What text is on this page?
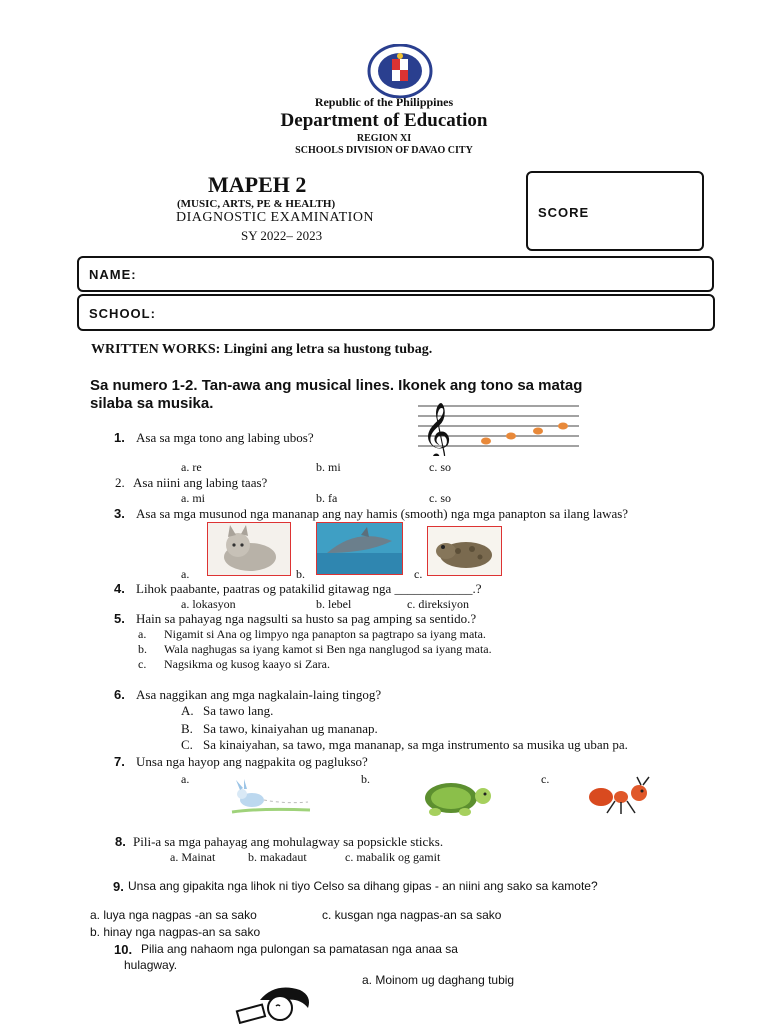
Republic of the Philippines
Department of Education
REGION XI
SCHOOLS DIVISION OF DAVAO CITY
MAPEH 2
(MUSIC, ARTS, PE & HEALTH)
DIAGNOSTIC EXAMINATION
SY 2022– 2023
SCORE
NAME:
SCHOOL:
WRITTEN WORKS: Lingini ang letra sa hustong tubag.
Sa numero 1-2. Tan-awa ang musical lines. Ikonek ang tono sa matag
silaba sa musika.	𝄞
1. Asa sa mga tono ang labing ubos?
a. re	b. mi	c. so
2. Asa niini ang labing taas?
a. mi	b. fa	c. so
3. Asa sa mga musunod nga mananap ang nay hamis (smooth) nga mga panapton sa ilang lawas?
a.	b.	c.
4. Lihok paabante, paatras og patakilid gitawag nga ____________.?
a. lokasyon	b. lebel	c. direksiyon
5. Hain sa pahayag nga nagsulti sa husto sa pag amping sa sentido.?
a. Nigamit si Ana og limpyo nga panapton sa pagtrapo sa iyang mata.
b. Wala naghugas sa iyang kamot si Ben nga nanglugod sa iyang mata.
c. Nagsikma og kusog kaayo si Zara.
6. Asa naggikan ang mga nagkalain-laing tingog?
A. Sa tawo lang.
B. Sa tawo, kinaiyahan ug mananap.
C. Sa kinaiyahan, sa tawo, mga mananap, sa mga instrumento sa musika ug uban pa.
7. Unsa nga hayop ang nagpakita og paglukso?
a.	b.	c.
8. Pili-a sa mga pahayag ang mohulagway sa popsickle sticks.
a. Mainat	b. makadaut	c. mabalik og gamit
9. Unsa ang gipakita nga lihok ni tiyo Celso sa dihang gipas - an niini ang sako sa kamote?
a. luya nga nagpas -an sa sako	c. kusgan nga nagpas-an sa sako
b. hinay nga nagpas-an sa sako
10. Pilia ang nahaom nga pulongan sa pamatasan nga anaa sa
hulagway.
a. Moinom ug daghang tubig
